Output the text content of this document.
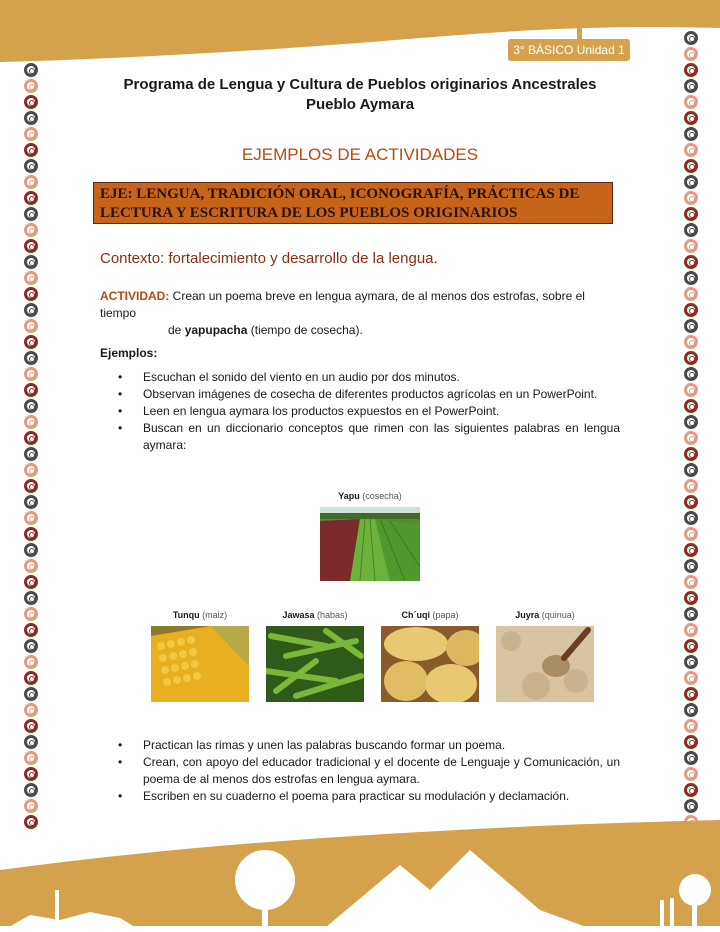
3° BÁSICO Unidad 1
Programa de Lengua y Cultura de Pueblos originarios Ancestrales
Pueblo Aymara
EJEMPLOS DE ACTIVIDADES
EJE: LENGUA, TRADICIÓN ORAL, ICONOGRAFÍA, PRÁCTICAS DE
LECTURA Y ESCRITURA DE LOS PUEBLOS ORIGINARIOS
Contexto: fortalecimiento y desarrollo de la lengua.
ACTIVIDAD: Crean un poema breve en lengua aymara, de al menos dos estrofas, sobre el tiempo
de yapupacha (tiempo de cosecha).
Ejemplos:
• Escuchan el sonido del viento en un audio por dos minutos.
• Observan imágenes de cosecha de diferentes productos agrícolas en un PowerPoint.
• Leen en lengua aymara los productos expuestos en el PowerPoint.
• Buscan en un diccionario conceptos que rimen con las siguientes palabras en lengua aymara:
Yapu (cosecha)
Tunqu (maiz)	Jawasa (habas)	Ch´uqi (papa)	Juyra (quinua)
• Practican las rimas y unen las palabras buscando formar un poema.
• Crean, con apoyo del educador tradicional y el docente de Lenguaje y Comunicación, un poema de al menos dos estrofas en lengua aymara.
• Escriben en su cuaderno el poema para practicar su modulación y declamación.
